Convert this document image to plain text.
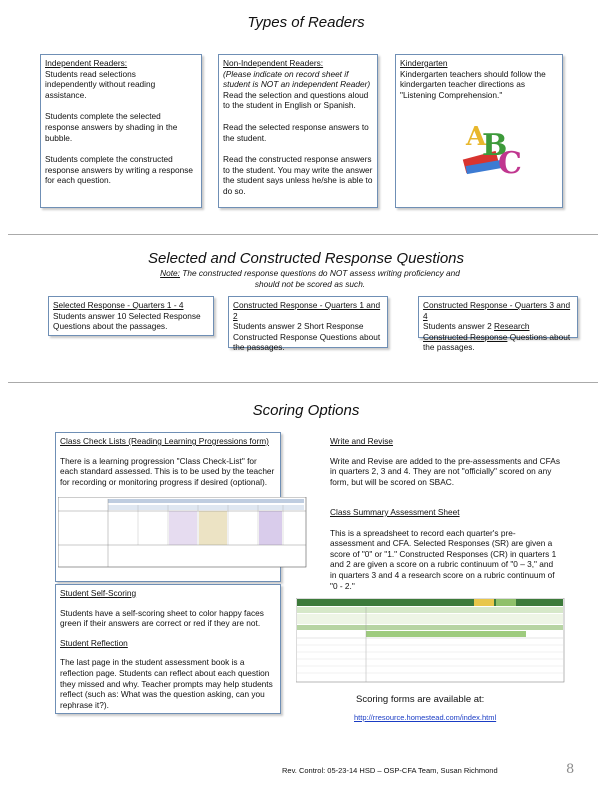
Types of Readers
Independent Readers:
Students read selections independently without reading assistance.
Students complete the selected response answers by shading in the bubble.
Students complete the constructed response answers by writing a response for each question.
Non-Independent Readers:
(Please indicate on record sheet if student is NOT an independent Reader)
Read the selection and questions aloud to the student in English or Spanish.
Read the selected response answers to the student.
Read the constructed response answers to the student. You may write the answer the student says unless he/she is able to do so.
Kindergarten
Kindergarten teachers should follow the kindergarten teacher directions as "Listening Comprehension."
A
B
C
Selected and Constructed Response Questions
Note: The constructed response questions do NOT assess writing proficiency and should not be scored as such.
Selected Response - Quarters 1 - 4
Students answer 10 Selected Response Questions about the passages.
Constructed Response - Quarters 1 and 2
Students answer 2 Short Response Constructed Response Questions about the passages.
Constructed Response - Quarters 3 and 4
Students answer 2 Research Constructed Response Questions about the passages.
Scoring Options
Class Check Lists (Reading Learning Progressions form)
There is a learning progression "Class Check-List" for each standard assessed. This is to be used by the teacher for recording or monitoring progress if desired (optional).
Student Self-Scoring
Students have a self-scoring sheet to color happy faces green if their answers are correct or red if they are not.
Student Reflection
The last page in the student assessment book is a reflection page. Students can reflect about each question they missed and why. Teacher prompts may help students reflect (such as: What was the question asking, can you rephrase it?).
Write and Revise
Write and Revise are added to the pre-assessments and CFAs in quarters 2, 3 and 4. They are not "officially" scored on any form, but will be scored on SBAC.
Class Summary Assessment Sheet
This is a spreadsheet to record each quarter's pre-assessment and CFA. Selected Responses (SR) are given a score of "0" or "1." Constructed Responses (CR) in quarters 1 and 2 are given a score on a rubric continuum of "0 – 3," and in quarters 3 and 4 a research score on a rubric continuum of "0 - 2."
Scoring forms are available at:
http://rresource.homestead.com/index.html
Rev. Control: 05-23-14 HSD – OSP-CFA Team, Susan Richmond	8
